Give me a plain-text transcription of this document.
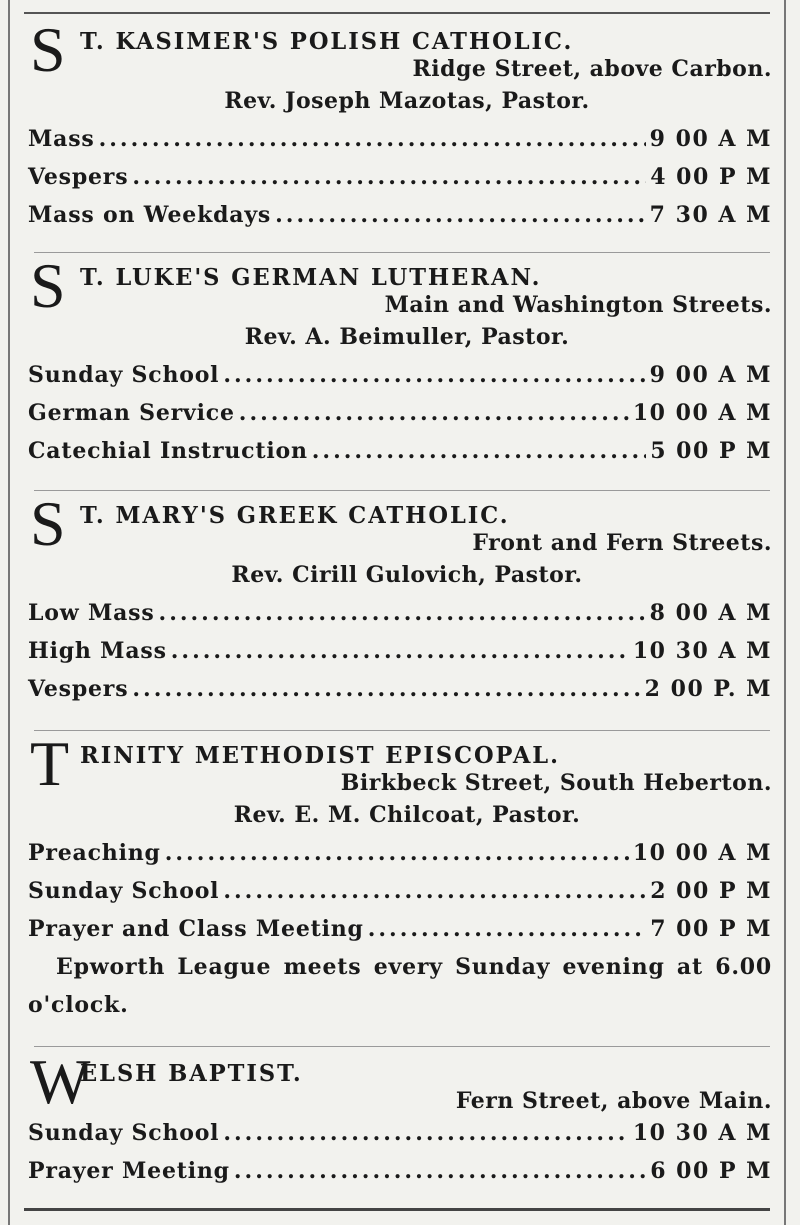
S T. KASIMER'S POLISH CATHOLIC.
Ridge Street, above Carbon.
Rev. Joseph Mazotas, Pastor.
Mass .....	9 00 A M
Vespers .....	4 00 P M
Mass on Weekdays .....	7 30 A M
S T. LUKE'S GERMAN LUTHERAN.
Main and Washington Streets.
Rev. A. Beimuller, Pastor.
Sunday School .....	9 00 A M
German Service .....	10 00 A M
Catechial Instruction .....	5 00 P M
S T. MARY'S GREEK CATHOLIC.
Front and Fern Streets.
Rev. Cirill Gulovich, Pastor.
Low Mass .....	8 00 A M
High Mass .....	10 30 A M
Vespers .....	2 00 P. M
T RINITY METHODIST EPISCOPAL.
Birkbeck Street, South Heberton.
Rev. E. M. Chilcoat, Pastor.
Preaching .....	10 00 A M
Sunday School .....	2 00 P M
Prayer and Class Meeting .....	7 00 P M
Epworth League meets every Sunday evening at 6.00 o'clock.
W
ELSH BAPTIST.
Fern Street, above Main.
Sunday School .....	10 30 A M
Prayer Meeting .....	6 00 P M
